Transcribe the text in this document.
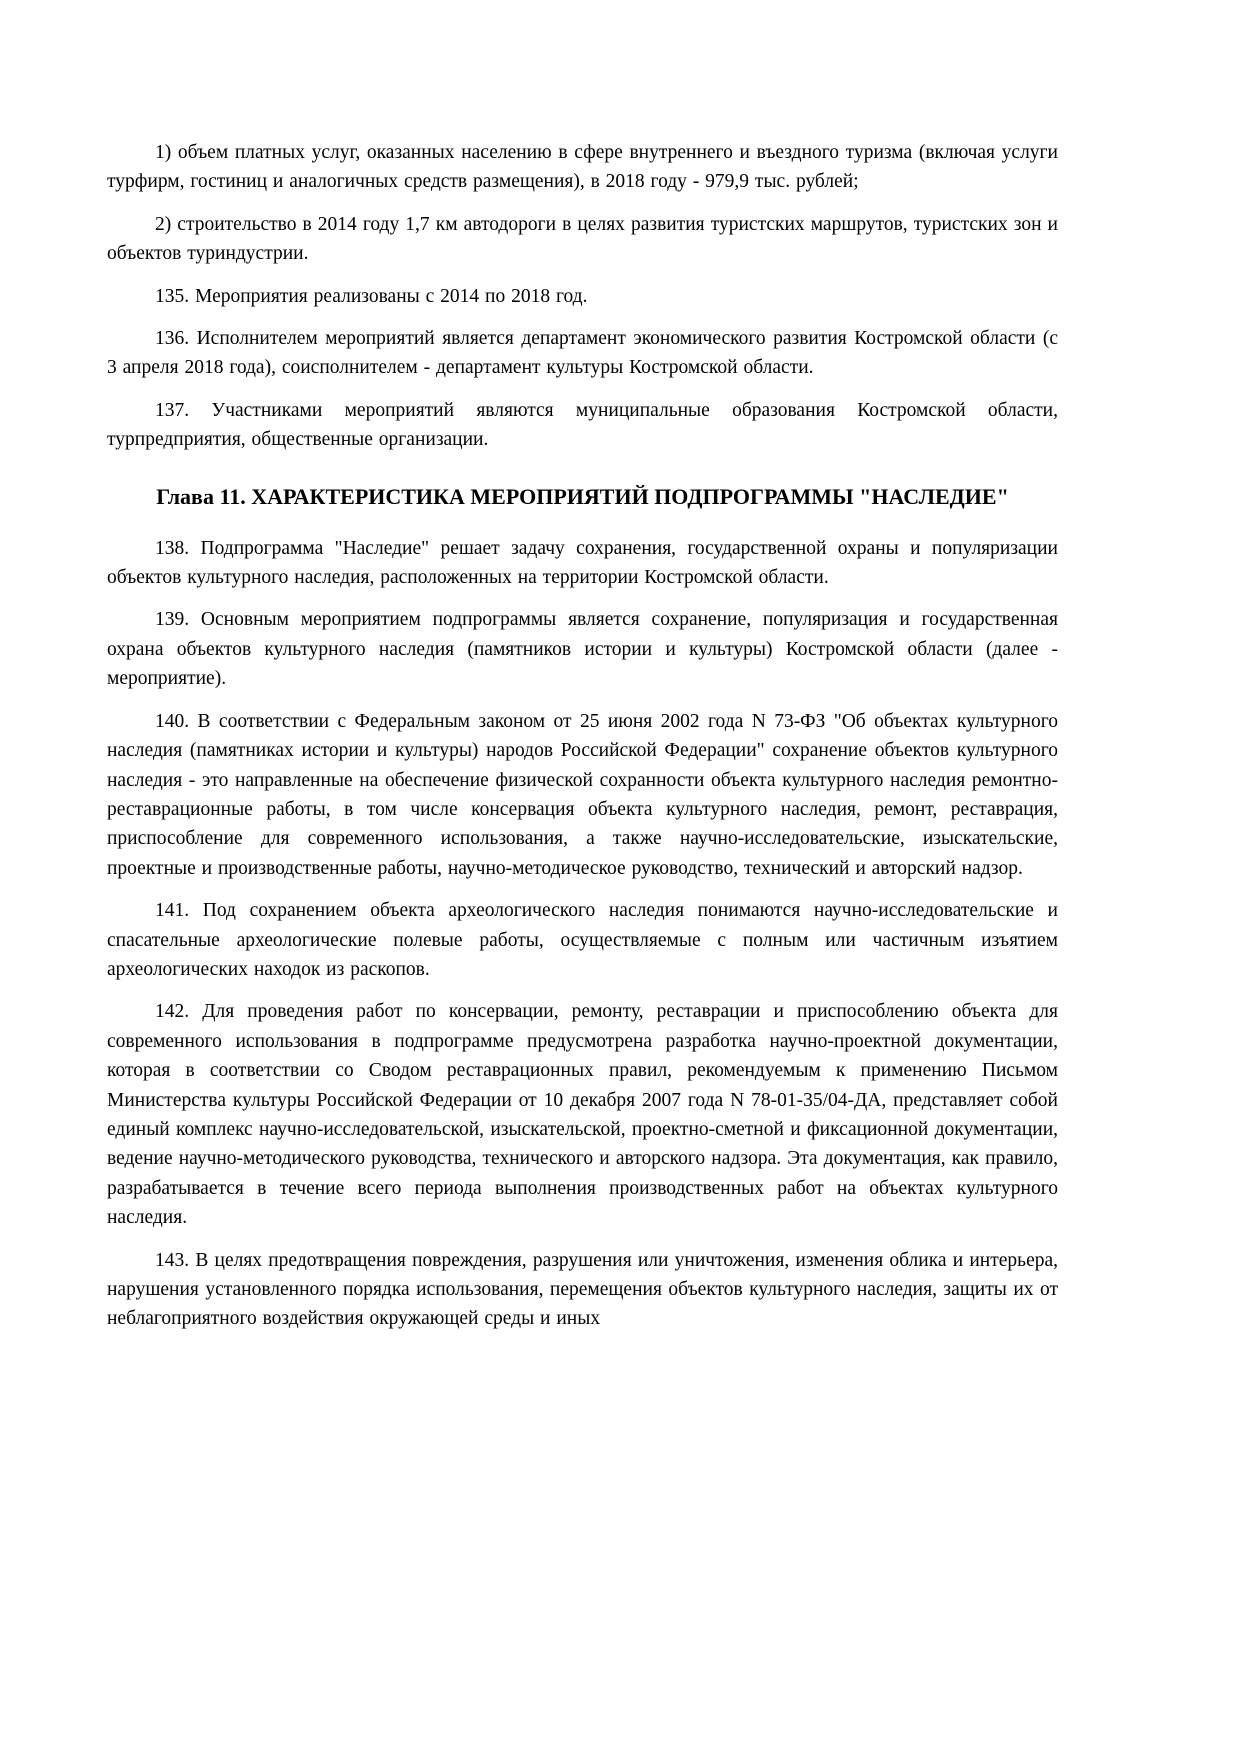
1) объем платных услуг, оказанных населению в сфере внутреннего и въездного туризма (включая услуги турфирм, гостиниц и аналогичных средств размещения), в 2018 году - 979,9 тыс. рублей;

2) строительство в 2014 году 1,7 км автодороги в целях развития туристских маршрутов, туристских зон и объектов туриндустрии.

135. Мероприятия реализованы с 2014 по 2018 год.

136. Исполнителем мероприятий является департамент экономического развития Костромской области (с 3 апреля 2018 года), соисполнителем - департамент культуры Костромской области.

137. Участниками мероприятий являются муниципальные образования Костромской области, турпредприятия, общественные организации.

Глава 11. ХАРАКТЕРИСТИКА МЕРОПРИЯТИЙ ПОДПРОГРАММЫ "НАСЛЕДИЕ"

138. Подпрограмма "Наследие" решает задачу сохранения, государственной охраны и популяризации объектов культурного наследия, расположенных на территории Костромской области.

139. Основным мероприятием подпрограммы является сохранение, популяризация и государственная охрана объектов культурного наследия (памятников истории и культуры) Костромской области (далее - мероприятие).

140. В соответствии с Федеральным законом от 25 июня 2002 года N 73-ФЗ "Об объектах культурного наследия (памятниках истории и культуры) народов Российской Федерации" сохранение объектов культурного наследия - это направленные на обеспечение физической сохранности объекта культурного наследия ремонтно-реставрационные работы, в том числе консервация объекта культурного наследия, ремонт, реставрация, приспособление для современного использования, а также научно-исследовательские, изыскательские, проектные и производственные работы, научно-методическое руководство, технический и авторский надзор.

141. Под сохранением объекта археологического наследия понимаются научно-исследовательские и спасательные археологические полевые работы, осуществляемые с полным или частичным изъятием археологических находок из раскопов.

142. Для проведения работ по консервации, ремонту, реставрации и приспособлению объекта для современного использования в подпрограмме предусмотрена разработка научно-проектной документации, которая в соответствии со Сводом реставрационных правил, рекомендуемым к применению Письмом Министерства культуры Российской Федерации от 10 декабря 2007 года N 78-01-35/04-ДА, представляет собой единый комплекс научно-исследовательской, изыскательской, проектно-сметной и фиксационной документации, ведение научно-методического руководства, технического и авторского надзора. Эта документация, как правило, разрабатывается в течение всего периода выполнения производственных работ на объектах культурного наследия.

143. В целях предотвращения повреждения, разрушения или уничтожения, изменения облика и интерьера, нарушения установленного порядка использования, перемещения объектов культурного наследия, защиты их от неблагоприятного воздействия окружающей среды и иных
